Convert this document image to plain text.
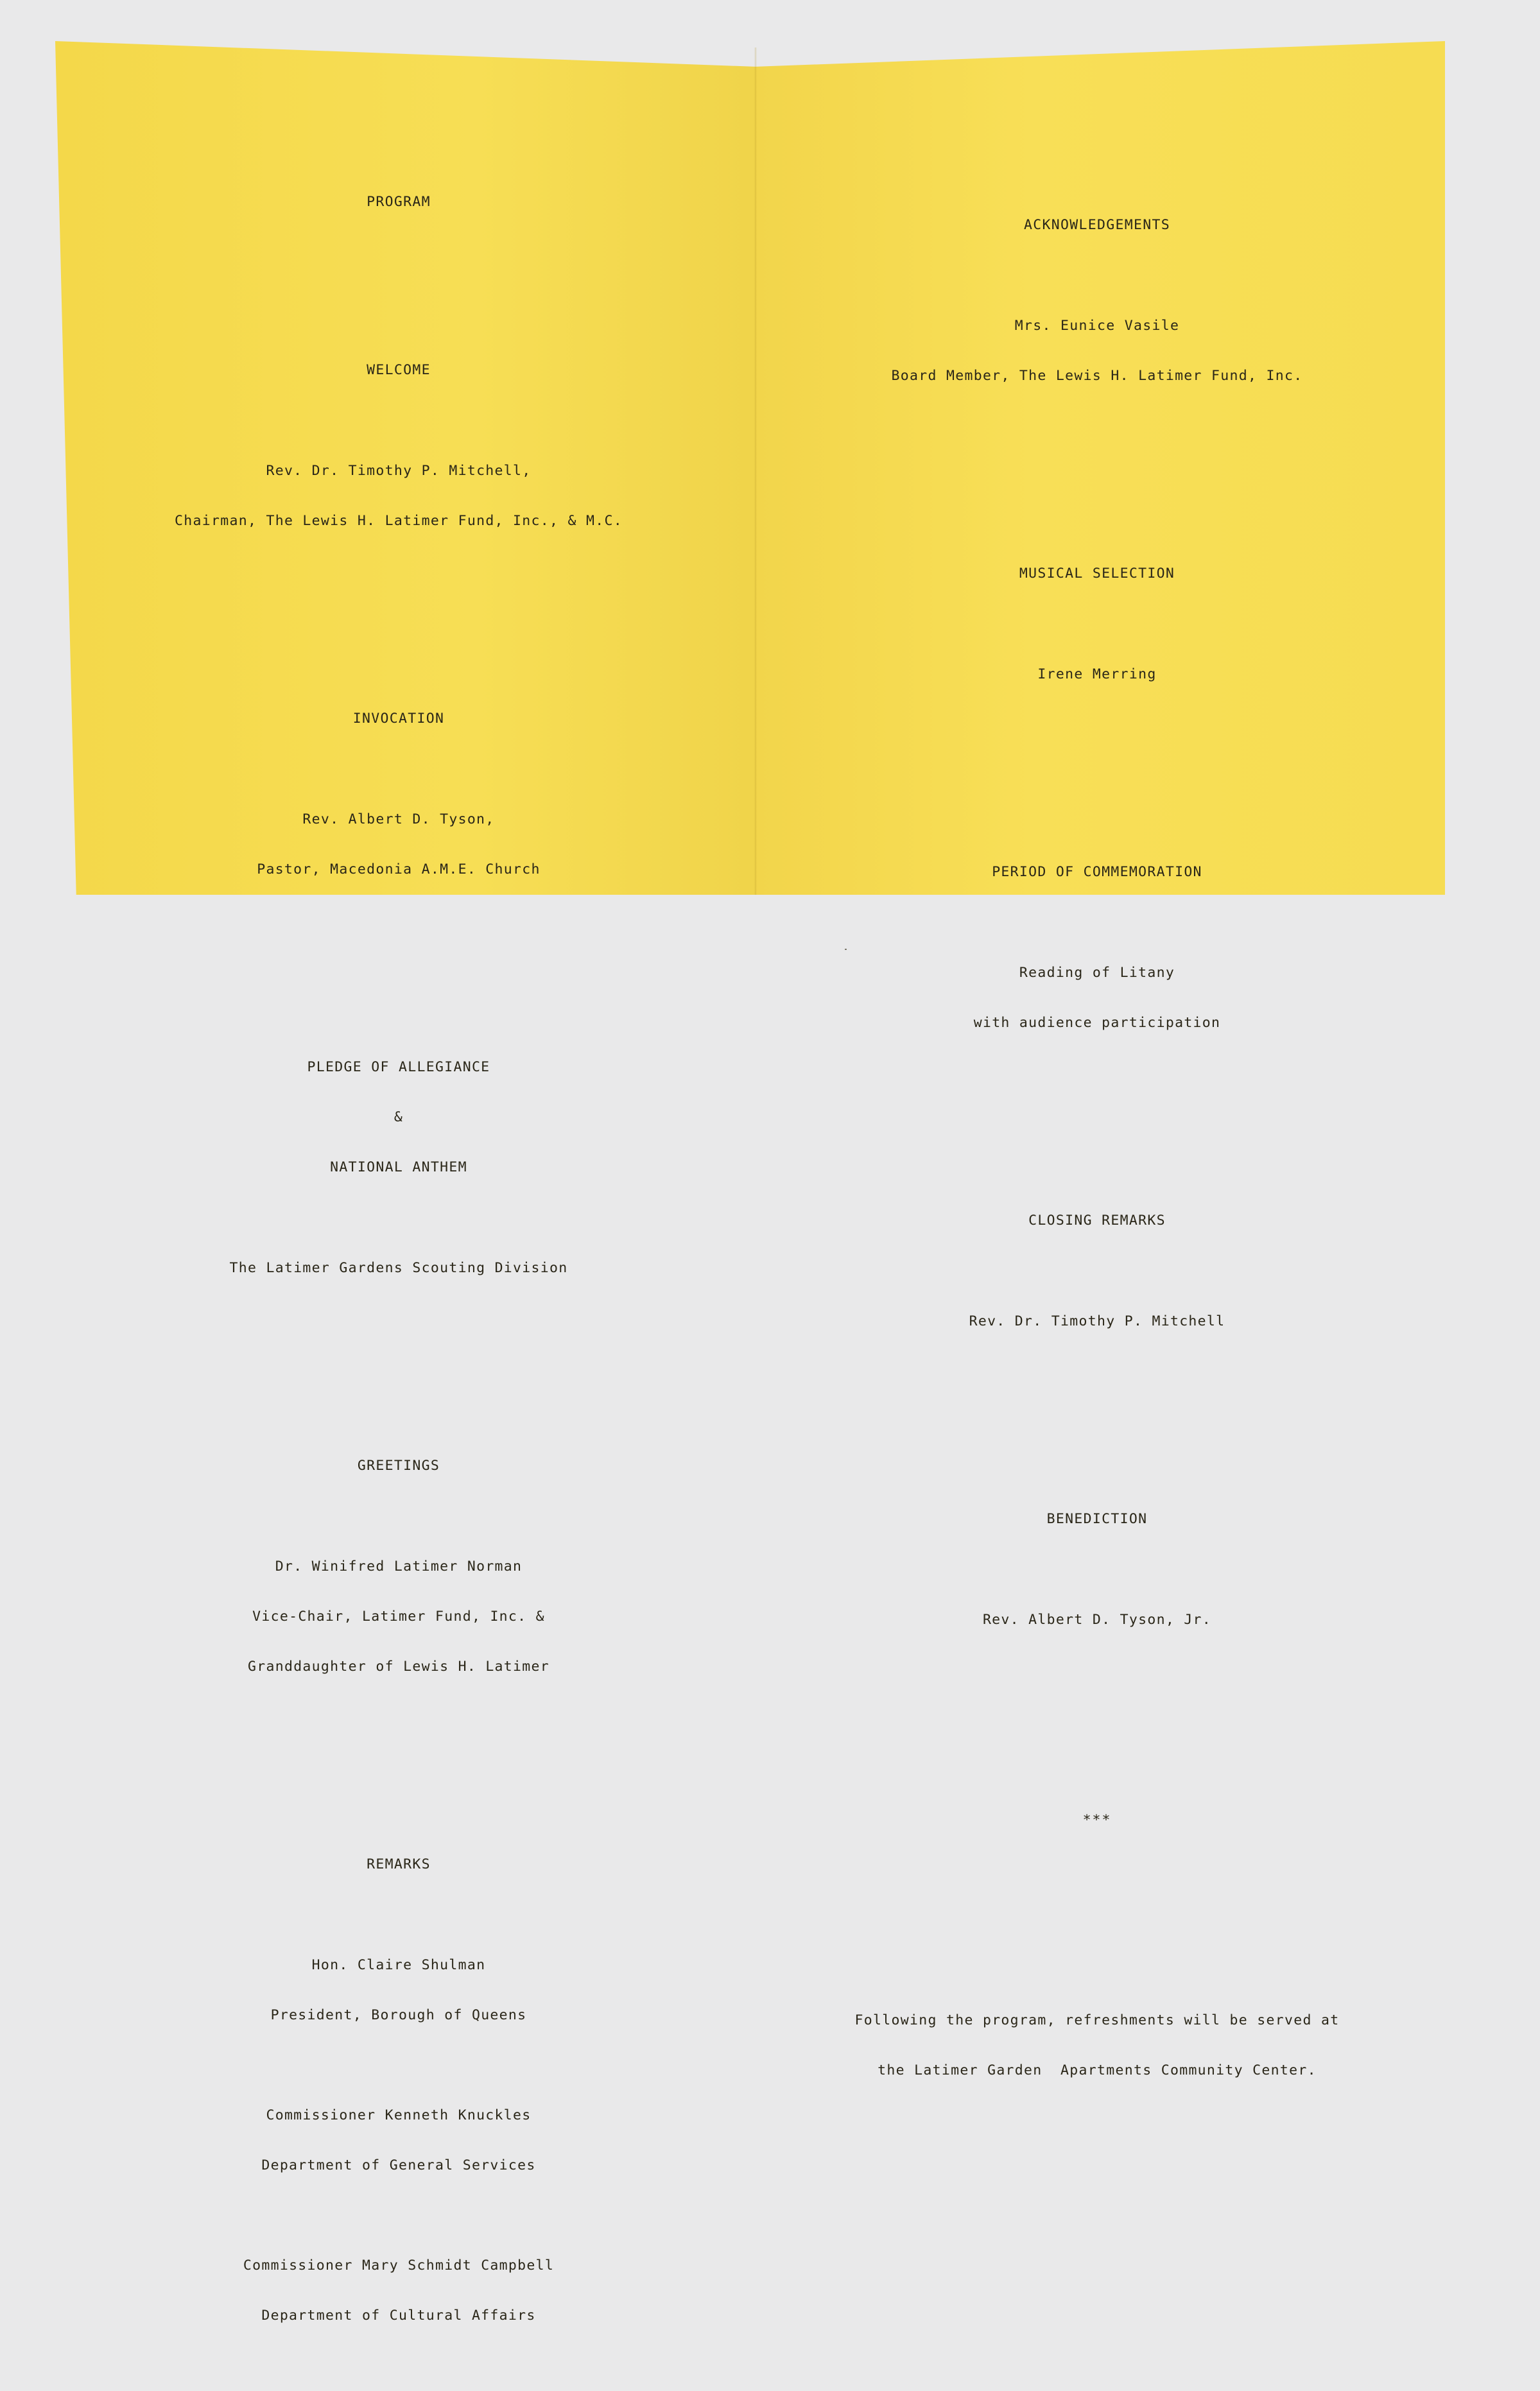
PROGRAM

WELCOME

Rev. Dr. Timothy P. Mitchell,

Chairman, The Lewis H. Latimer Fund, Inc., & M.C.

INVOCATION

Rev. Albert D. Tyson,

Pastor, Macedonia A.M.E. Church

PLEDGE OF ALLEGIANCE

&

NATIONAL ANTHEM

The Latimer Gardens Scouting Division

GREETINGS

Dr. Winifred Latimer Norman

Vice-Chair, Latimer Fund, Inc. &

Granddaughter of Lewis H. Latimer

REMARKS

Hon. Claire Shulman

President, Borough of Queens

Commissioner Kenneth Knuckles

Department of General Services

Commissioner Mary Schmidt Campbell

Department of Cultural Affairs

ACKNOWLEDGEMENTS

Mrs. Eunice Vasile

Board Member, The Lewis H. Latimer Fund, Inc.

MUSICAL SELECTION

Irene Merring

PERIOD OF COMMEMORATION

Reading of Litany

with audience participation

CLOSING REMARKS

Rev. Dr. Timothy P. Mitchell

BENEDICTION

Rev. Albert D. Tyson, Jr.

***

Following the program, refreshments will be served at

the Latimer Garden  Apartments Community Center.
